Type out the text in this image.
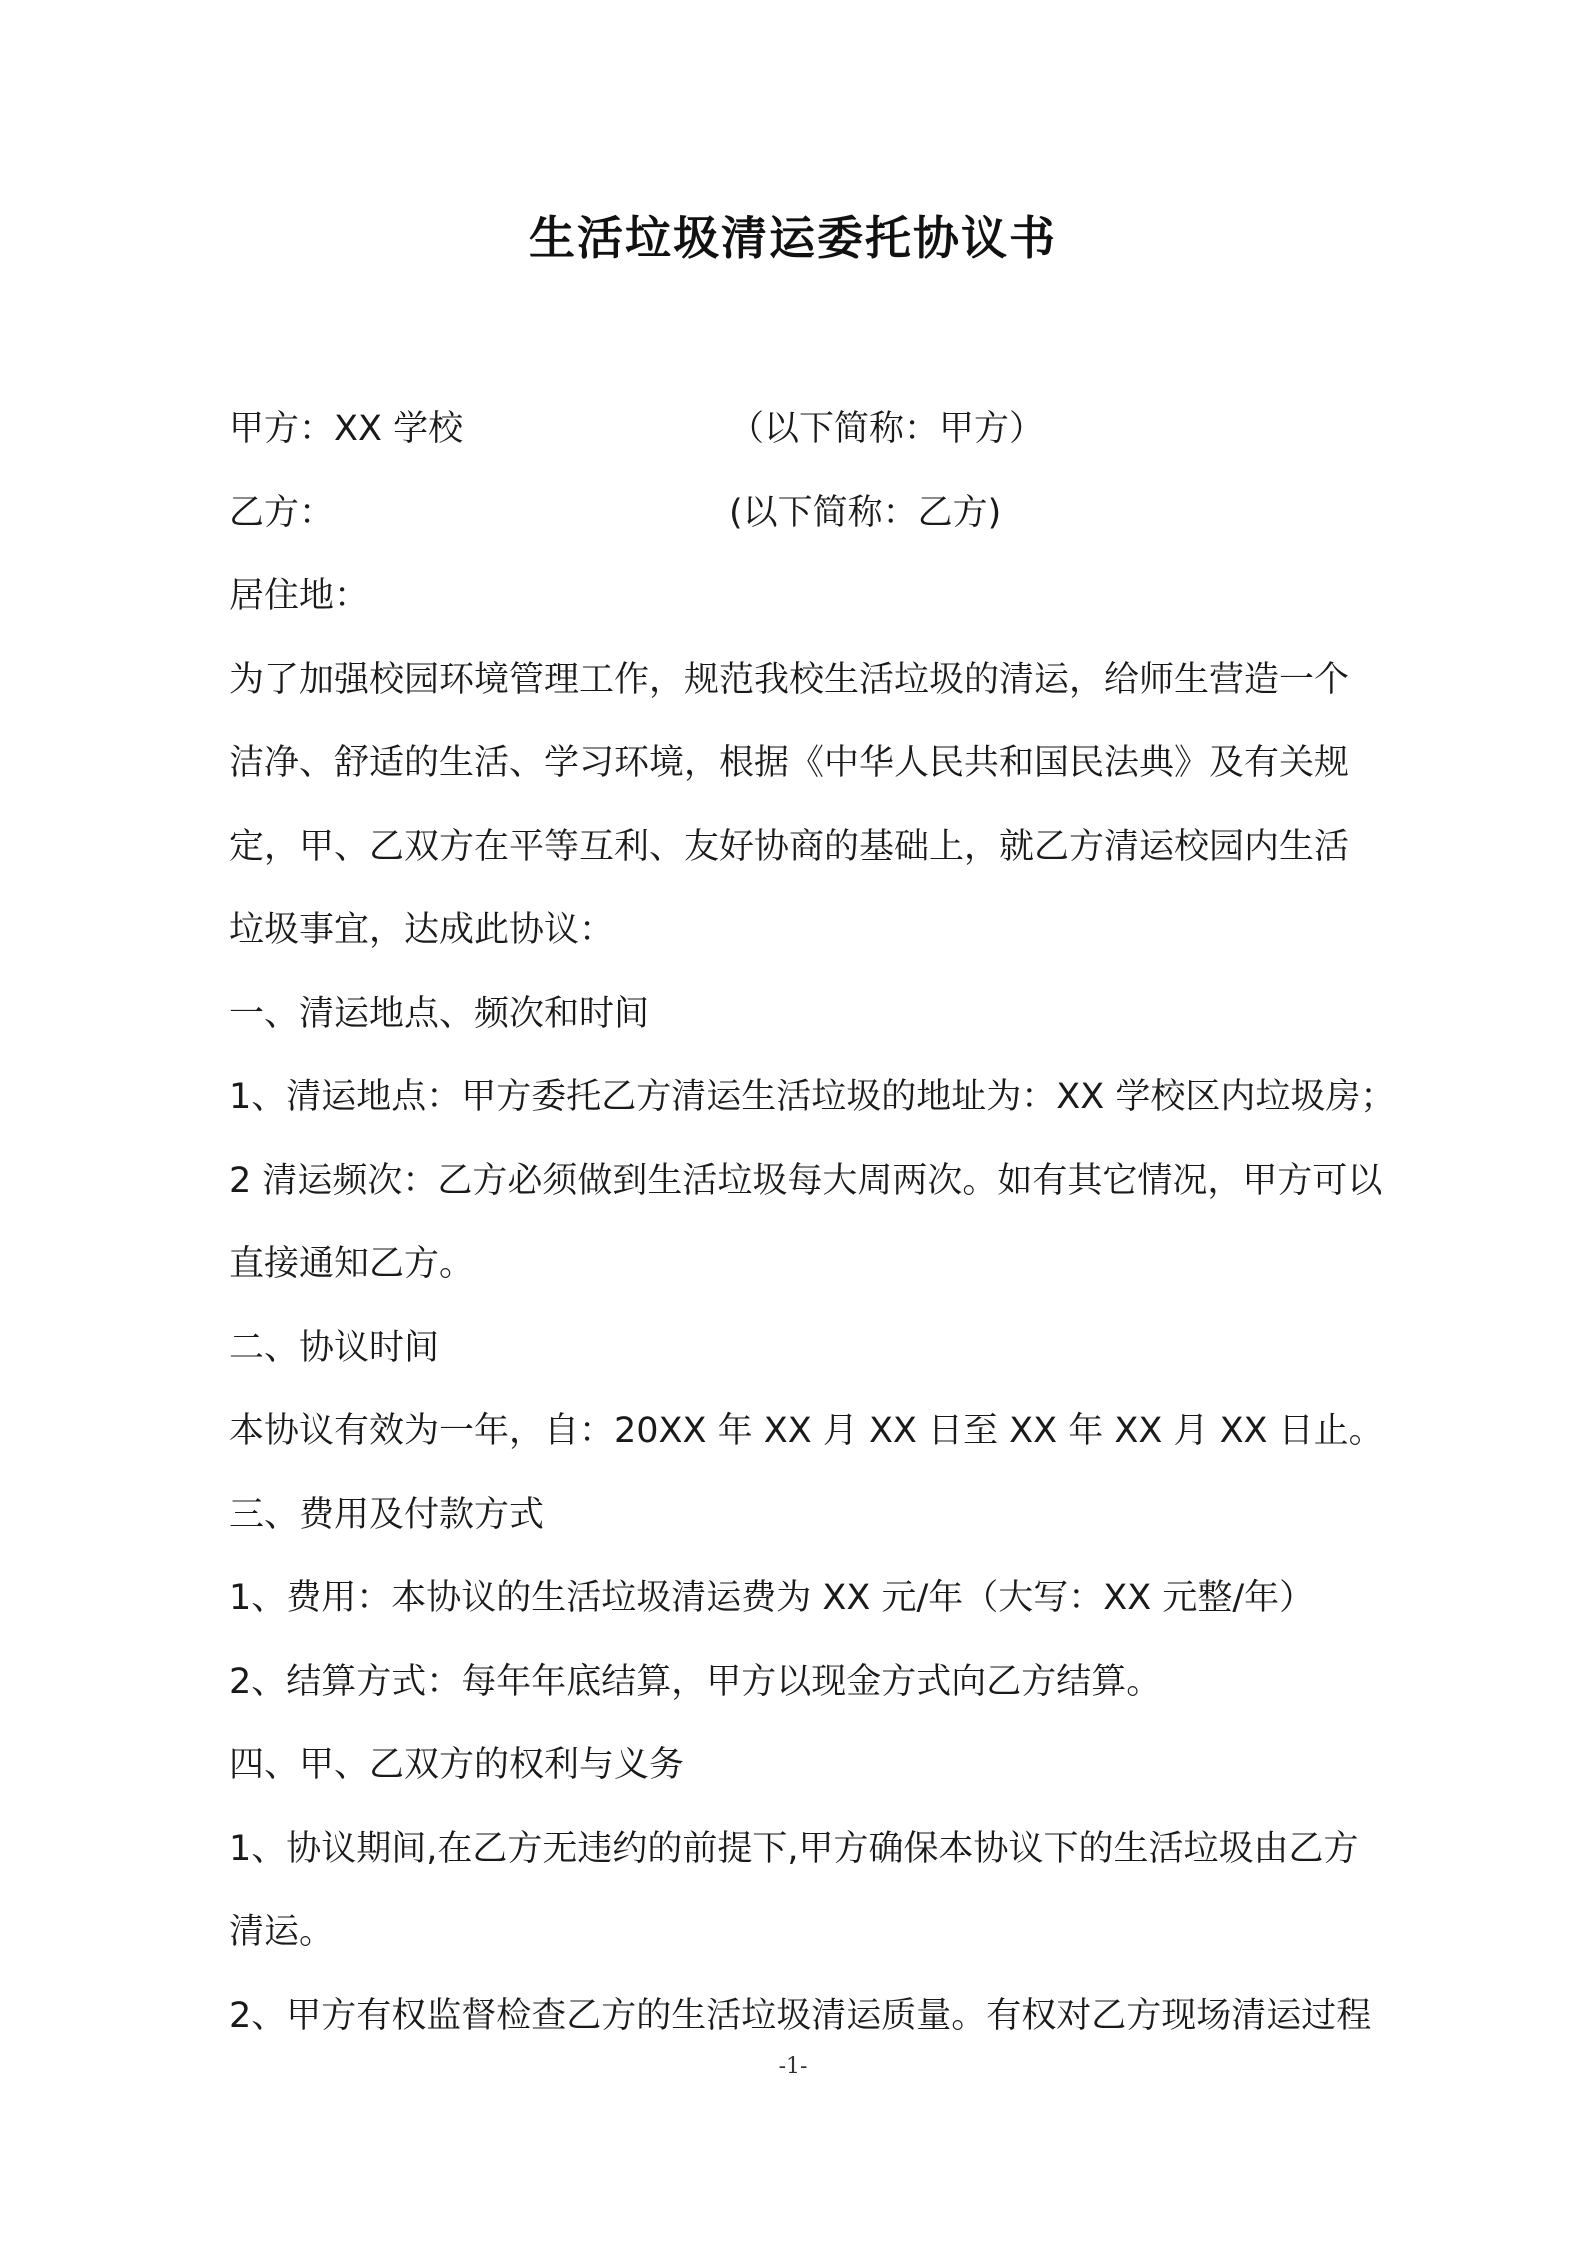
生活垃圾清运委托协议书
甲方：XX 学校	（以下简称：甲方）
乙方：	(以下简称：乙方)
居住地：
为了加强校园环境管理工作，规范我校生活垃圾的清运，给师生营造一个
洁净、舒适的生活、学习环境，根据《中华人民共和国民法典》及有关规
定，甲、乙双方在平等互利、友好协商的基础上，就乙方清运校园内生活
垃圾事宜，达成此协议：
一、清运地点、频次和时间
1、清运地点：甲方委托乙方清运生活垃圾的地址为：XX 学校区内垃圾房；
2 清运频次：乙方必须做到生活垃圾每大周两次。如有其它情况，甲方可以
直接通知乙方。
二、协议时间
本协议有效为一年，自：20XX 年 XX 月 XX 日至 XX 年 XX 月 XX 日止。
三、费用及付款方式
1、费用：本协议的生活垃圾清运费为 XX 元/年（大写：XX 元整/年）
2、结算方式：每年年底结算，甲方以现金方式向乙方结算。
四、甲、乙双方的权利与义务
1、协议期间,在乙方无违约的前提下,甲方确保本协议下的生活垃圾由乙方
清运。
2、甲方有权监督检查乙方的生活垃圾清运质量。有权对乙方现场清运过程
-1-
